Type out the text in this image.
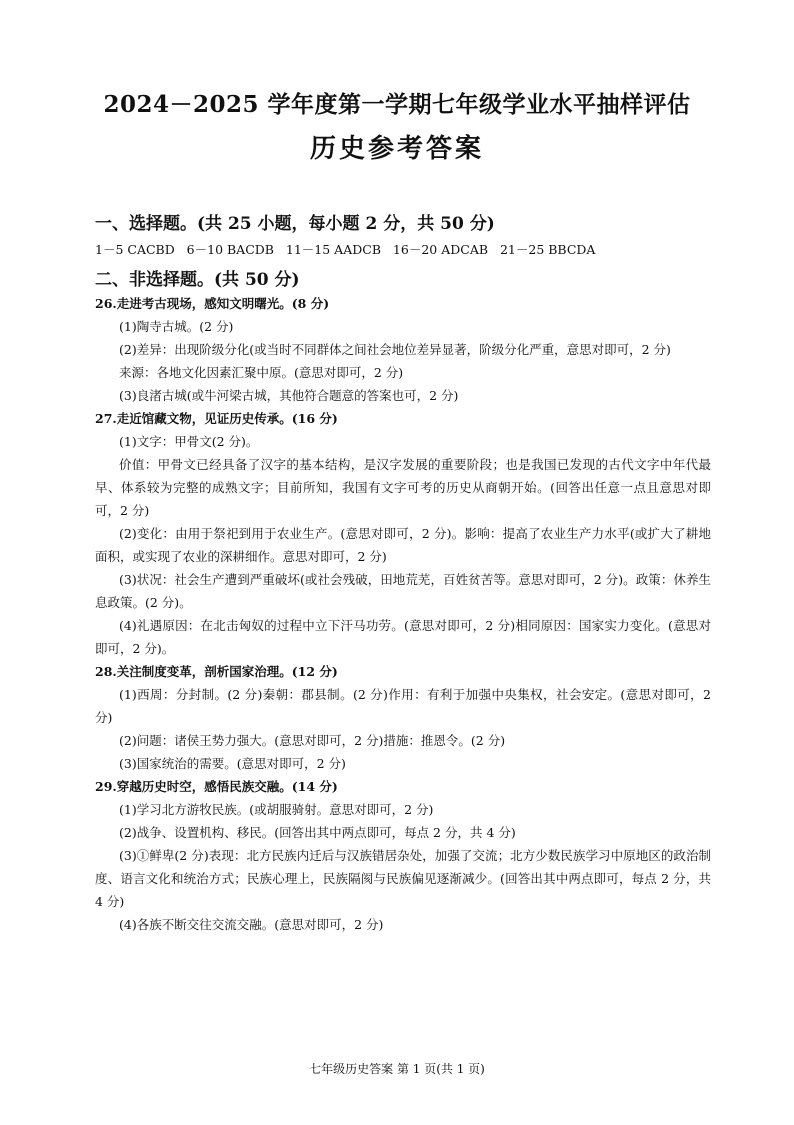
2024－2025 学年度第一学期七年级学业水平抽样评估
历史参考答案

一、选择题。(共 25 小题，每小题 2 分，共 50 分)

1－5 CACBD   6－10 BACDB   11－15 AADCB   16－20 ADCAB   21－25 BBCDA

二、非选择题。(共 50 分)

26.走进考古现场，感知文明曙光。(8 分)

(1)陶寺古城。(2 分)

(2)差异：出现阶级分化(或当时不同群体之间社会地位差异显著，阶级分化严重，意思对即可，2 分)

来源：各地文化因素汇聚中原。(意思对即可，2 分)

(3)良渚古城(或牛河梁古城，其他符合题意的答案也可，2 分)

27.走近馆藏文物，见证历史传承。(16 分)

(1)文字：甲骨文(2 分)。

价值：甲骨文已经具备了汉字的基本结构，是汉字发展的重要阶段；也是我国已发现的古代文字中年代最早、体系较为完整的成熟文字；目前所知，我国有文字可考的历史从商朝开始。(回答出任意一点且意思对即可，2 分)

(2)变化：由用于祭祀到用于农业生产。(意思对即可，2 分)。影响：提高了农业生产力水平(或扩大了耕地面积，或实现了农业的深耕细作。意思对即可，2 分)

(3)状况：社会生产遭到严重破坏(或社会残破，田地荒芜，百姓贫苦等。意思对即可，2 分)。政策：休养生息政策。(2 分)。

(4)礼遇原因：在北击匈奴的过程中立下汗马功劳。(意思对即可，2 分)相同原因：国家实力变化。(意思对即可，2 分)。

28.关注制度变革，剖析国家治理。(12 分)

(1)西周：分封制。(2 分)秦朝：郡县制。(2 分)作用：有利于加强中央集权，社会安定。(意思对即可，2 分)

(2)问题：诸侯王势力强大。(意思对即可，2 分)措施：推恩令。(2 分)

(3)国家统治的需要。(意思对即可，2 分)

29.穿越历史时空，感悟民族交融。(14 分)

(1)学习北方游牧民族。(或胡服骑射。意思对即可，2 分)

(2)战争、设置机构、移民。(回答出其中两点即可，每点 2 分，共 4 分)

(3)①鲜卑(2 分)表现：北方民族内迁后与汉族错居杂处，加强了交流；北方少数民族学习中原地区的政治制度、语言文化和统治方式；民族心理上，民族隔阂与民族偏见逐渐减少。(回答出其中两点即可，每点 2 分，共 4 分)

(4)各族不断交往交流交融。(意思对即可，2 分)

七年级历史答案 第 1 页(共 1 页)
